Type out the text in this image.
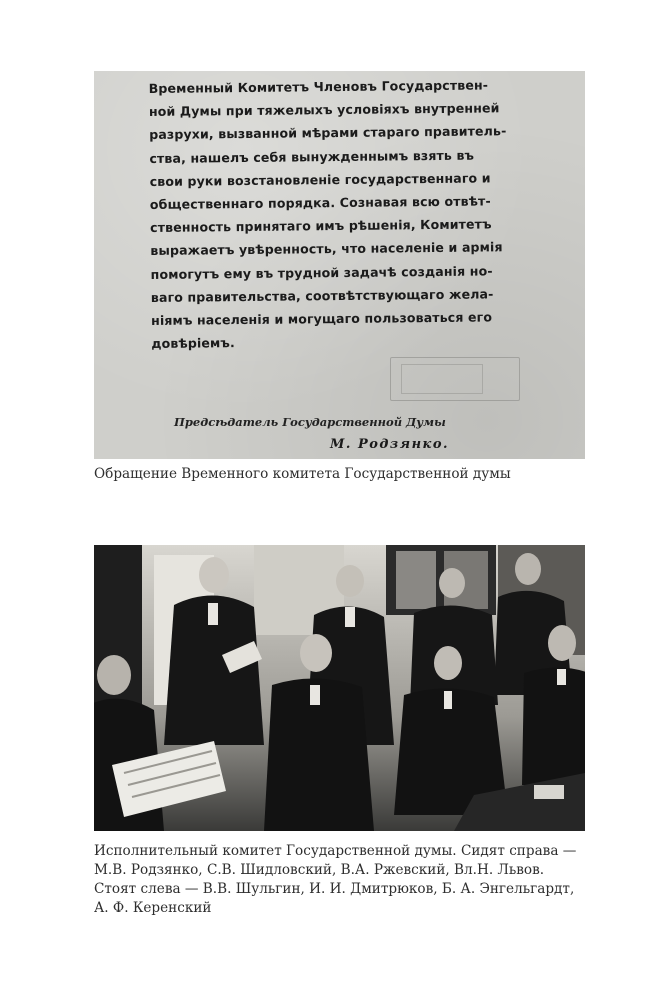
Временный Комитетъ Членовъ Государствен-
ной Думы при тяжелыхъ условіяхъ внутренней
разрухи, вызванной мѣрами стараго правитель-
ства, нашелъ себя вынужденнымъ взять въ
свои руки возстановленіе государственнаго и
общественнаго порядка. Сознавая всю отвѣт-
ственность принятаго имъ рѣшенія, Комитетъ
выражаетъ увѣренность, что населеніе и армія
помогутъ ему въ трудной задачѣ созданія но-
ваго правительства, соотвѣтствующаго жела-
ніямъ населенія и могущаго пользоваться его
довѣріемъ.
Предсѣдатель Государственной Думы
М. Родзянко.
Обращение Временного комитета Государственной думы
Исполнительный комитет Государственной думы. Сидят справа —
М.В. Родзянко, С.В. Шидловский, В.А. Ржевский, Вл.Н. Львов.
Стоят слева — В.В. Шульгин, И. И. Дмитрюков, Б. А. Энгельгардт,
А. Ф. Керенский
